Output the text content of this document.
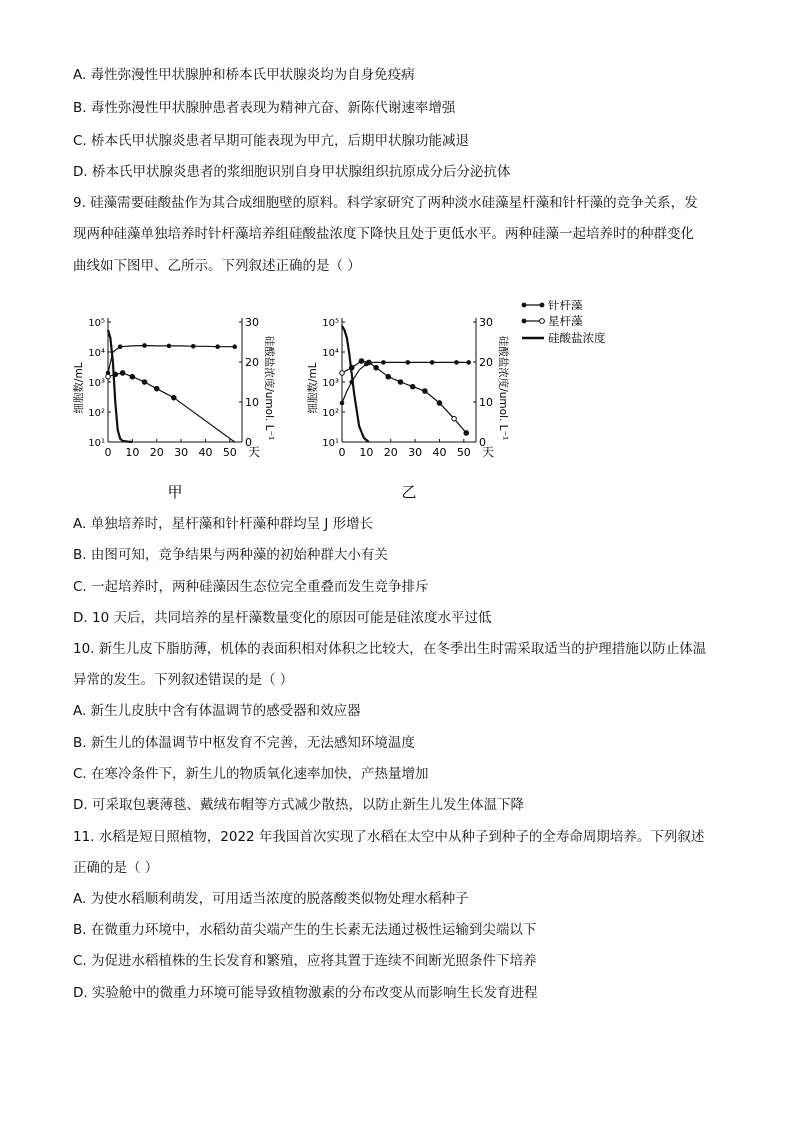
A. 毒性弥漫性甲状腺肿和桥本氏甲状腺炎均为自身免疫病
B. 毒性弥漫性甲状腺肿患者表现为精神亢奋、新陈代谢速率增强
C. 桥本氏甲状腺炎患者早期可能表现为甲亢，后期甲状腺功能减退
D. 桥本氏甲状腺炎患者的浆细胞识别自身甲状腺组织抗原成分后分泌抗体
9. 硅藻需要硅酸盐作为其合成细胞壁的原料。科学家研究了两种淡水硅藻星杆藻和针杆藻的竞争关系，发
现两种硅藻单独培养时针杆藻培养组硅酸盐浓度下降快且处于更低水平。两种硅藻一起培养时的种群变化
曲线如下图甲、乙所示。下列叙述正确的是（ ）
0 10 20 30 40 50 天
10¹
10²
10³
10⁴
10⁵
0
10
20
30
细胞数/mL	硅酸盐浓度/umol. L⁻¹
甲
0 10 20 30 40 50 天
10¹
10²
10³
10⁴
10⁵
0
10
20
30
细胞数/mL	硅酸盐浓度/umol. L⁻¹
乙
针杆藻
星杆藻
硅酸盐浓度
A. 单独培养时，星杆藻和针杆藻种群均呈 J 形增长
B. 由图可知，竞争结果与两种藻的初始种群大小有关
C. 一起培养时，两种硅藻因生态位完全重叠而发生竞争排斥
D. 10 天后，共同培养的星杆藻数量变化的原因可能是硅浓度水平过低
10. 新生儿皮下脂肪薄，机体的表面积相对体积之比较大，在冬季出生时需采取适当的护理措施以防止体温
异常的发生。下列叙述错误的是（ ）
A. 新生儿皮肤中含有体温调节的感受器和效应器
B. 新生儿的体温调节中枢发育不完善，无法感知环境温度
C. 在寒冷条件下，新生儿的物质氧化速率加快，产热量增加
D. 可采取包裹薄毯、戴绒布帽等方式减少散热，以防止新生儿发生体温下降
11. 水稻是短日照植物，2022 年我国首次实现了水稻在太空中从种子到种子的全寿命周期培养。下列叙述
正确的是（ ）
A. 为使水稻顺利萌发，可用适当浓度的脱落酸类似物处理水稻种子
B. 在微重力环境中，水稻幼苗尖端产生的生长素无法通过极性运输到尖端以下
C. 为促进水稻植株的生长发育和繁殖，应将其置于连续不间断光照条件下培养
D. 实验舱中的微重力环境可能导致植物激素的分布改变从而影响生长发育进程
